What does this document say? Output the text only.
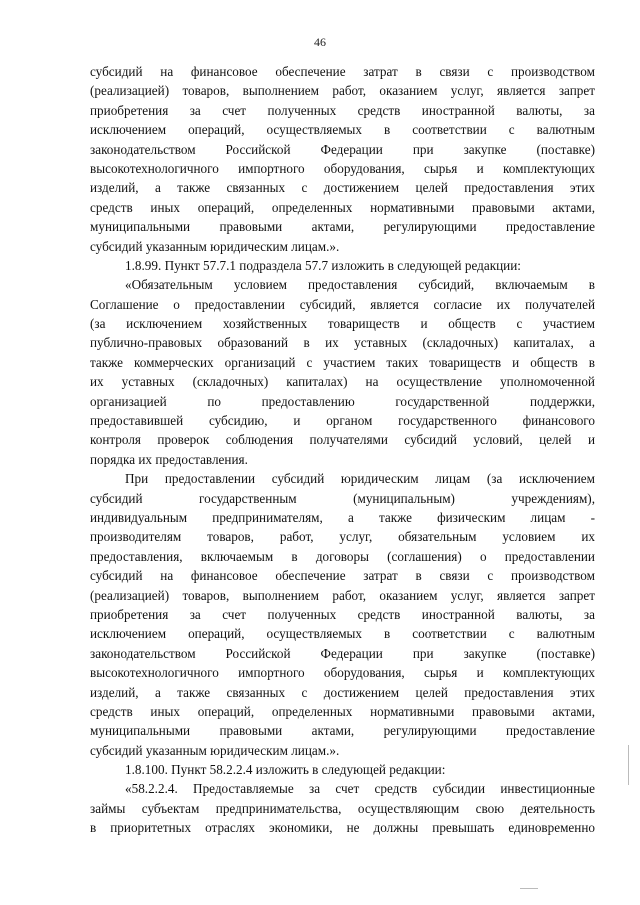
46
субсидий на финансовое обеспечение затрат в связи с производством
(реализацией) товаров, выполнением работ, оказанием услуг, является запрет
приобретения за счет полученных средств иностранной валюты, за
исключением операций, осуществляемых в соответствии с валютным
законодательством Российской Федерации при закупке (поставке)
высокотехнологичного импортного оборудования, сырья и комплектующих
изделий, а также связанных с достижением целей предоставления этих
средств иных операций, определенных нормативными правовыми актами,
муниципальными правовыми актами, регулирующими предоставление
субсидий указанным юридическим лицам.».
1.8.99. Пункт 57.7.1 подраздела 57.7 изложить в следующей редакции:
«Обязательным условием предоставления субсидий, включаемым в
Соглашение о предоставлении субсидий, является согласие их получателей
(за исключением хозяйственных товариществ и обществ с участием
публично-правовых образований в их уставных (складочных) капиталах, а
также коммерческих организаций с участием таких товариществ и обществ в
их уставных (складочных) капиталах) на осуществление уполномоченной
организацией по предоставлению государственной поддержки,
предоставившей субсидию, и органом государственного финансового
контроля проверок соблюдения получателями субсидий условий, целей и
порядка их предоставления.
При предоставлении субсидий юридическим лицам (за исключением
субсидий государственным (муниципальным) учреждениям),
индивидуальным предпринимателям, а также физическим лицам -
производителям товаров, работ, услуг, обязательным условием их
предоставления, включаемым в договоры (соглашения) о предоставлении
субсидий на финансовое обеспечение затрат в связи с производством
(реализацией) товаров, выполнением работ, оказанием услуг, является запрет
приобретения за счет полученных средств иностранной валюты, за
исключением операций, осуществляемых в соответствии с валютным
законодательством Российской Федерации при закупке (поставке)
высокотехнологичного импортного оборудования, сырья и комплектующих
изделий, а также связанных с достижением целей предоставления этих
средств иных операций, определенных нормативными правовыми актами,
муниципальными правовыми актами, регулирующими предоставление
субсидий указанным юридическим лицам.».
1.8.100. Пункт 58.2.2.4 изложить в следующей редакции:
«58.2.2.4. Предоставляемые за счет средств субсидии инвестиционные
займы субъектам предпринимательства, осуществляющим свою деятельность
в приоритетных отраслях экономики, не должны превышать единовременно
